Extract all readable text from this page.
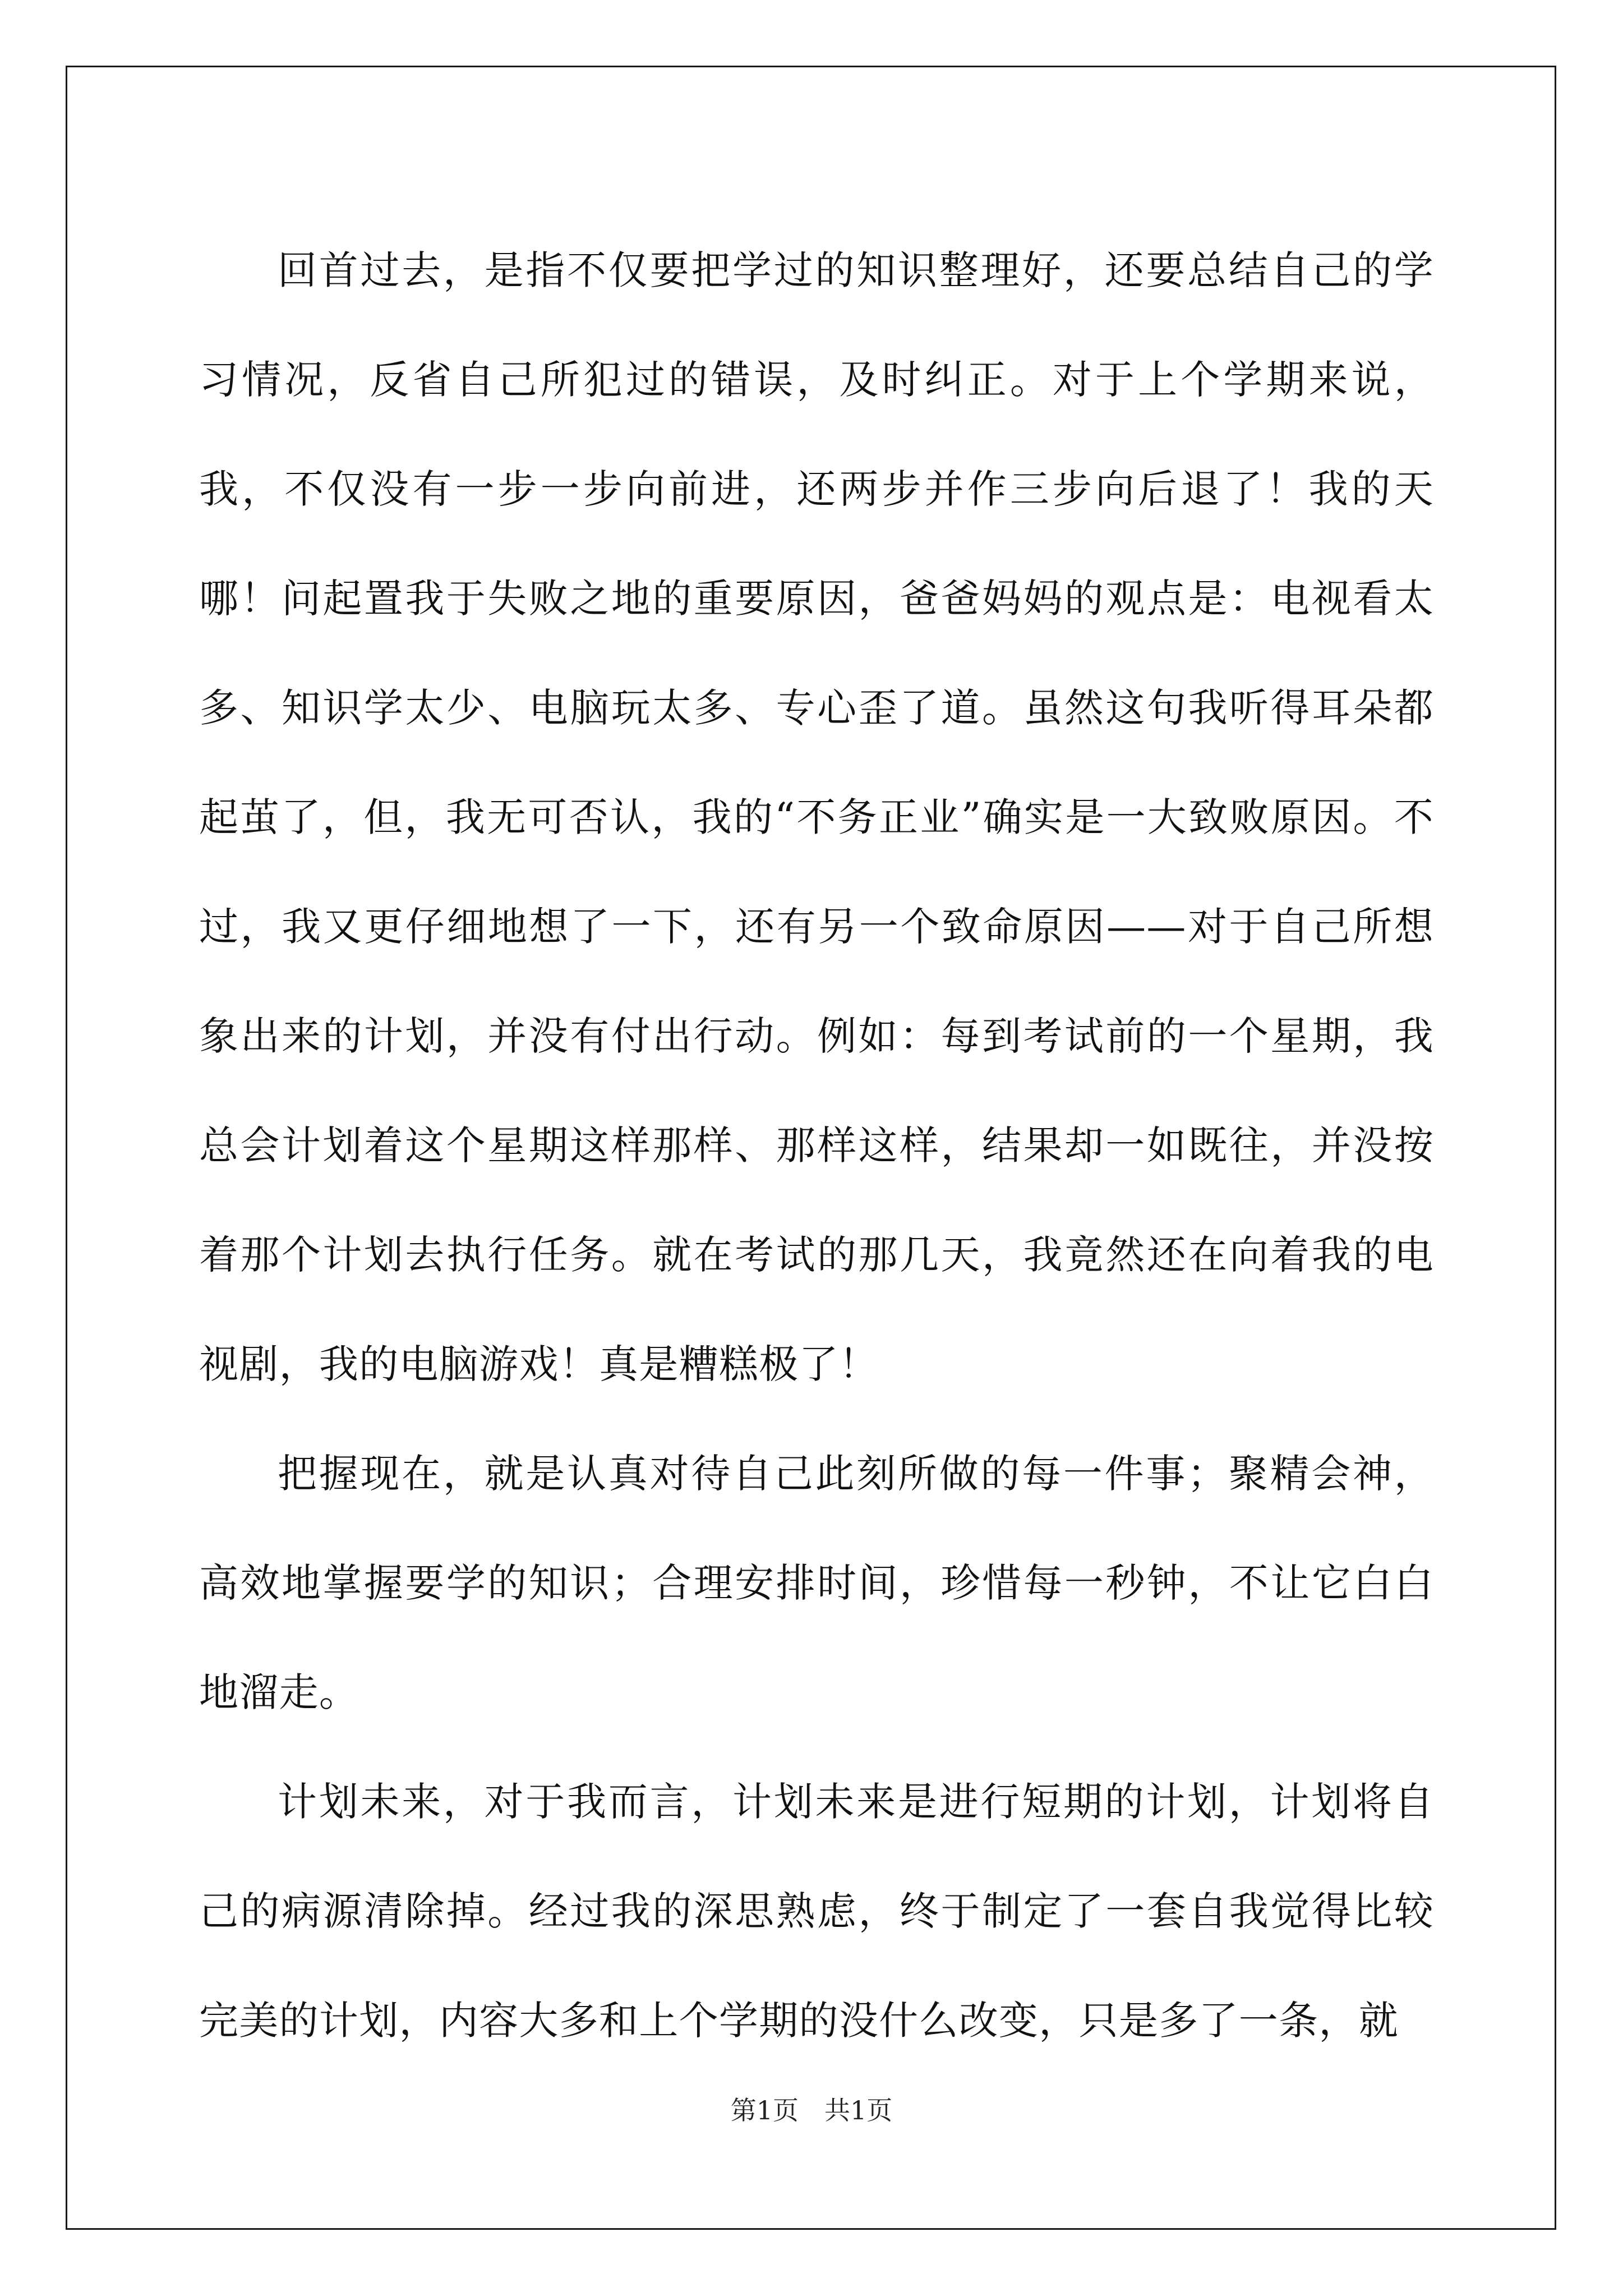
回首过去，是指不仅要把学过的知识整理好，还要总结自己的学习情况，反省自己所犯过的错误，及时纠正。对于上个学期来说，我，不仅没有一步一步向前进，还两步并作三步向后退了！我的天哪！问起置我于失败之地的重要原因，爸爸妈妈的观点是：电视看太多、知识学太少、电脑玩太多、专心歪了道。虽然这句我听得耳朵都起茧了，但，我无可否认，我的“不务正业”确实是一大致败原因。不过，我又更仔细地想了一下，还有另一个致命原因——对于自己所想象出来的计划，并没有付出行动。例如：每到考试前的一个星期，我总会计划着这个星期这样那样、那样这样，结果却一如既往，并没按着那个计划去执行任务。就在考试的那几天，我竟然还在向着我的电视剧，我的电脑游戏！真是糟糕极了！

把握现在，就是认真对待自己此刻所做的每一件事；聚精会神，高效地掌握要学的知识；合理安排时间，珍惜每一秒钟，不让它白白地溜走。

计划未来，对于我而言，计划未来是进行短期的计划，计划将自己的病源清除掉。经过我的深思熟虑，终于制定了一套自我觉得比较完美的计划，内容大多和上个学期的没什么改变，只是多了一条，就

第1页 共1页
